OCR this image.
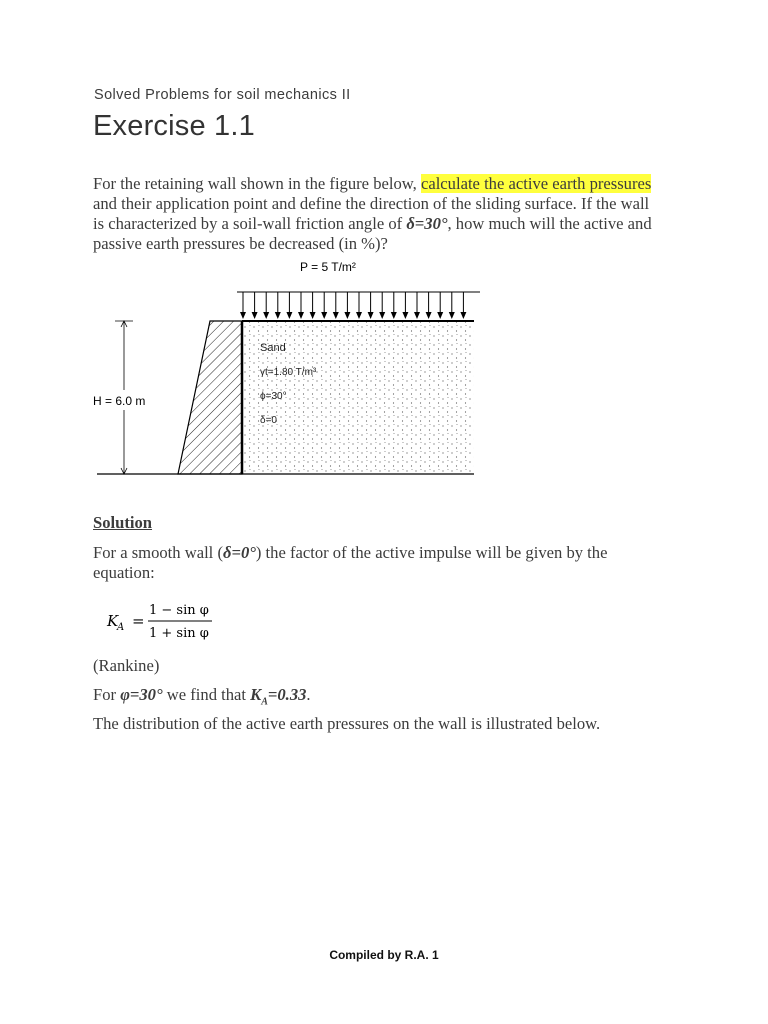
Solved Problems for soil mechanics II
Exercise 1.1
For the retaining wall shown in the figure below, calculate the active earth pressures and their application point and define the direction of the sliding surface. If the wall is characterized by a soil-wall friction angle of δ=30°, how much will the active and passive earth pressures be decreased (in %)?
P = 5 T/m²
H = 6.0 m
Sand
γt=1.80 T/m³
ϕ=30°
δ=0
K
A =
1 − sin φ
1 + sin φ
Solution
For a smooth wall (δ=0°) the factor of the active impulse will be given by the
equation:
(Rankine)
For φ=30° we find that $K_A=0.33$.
The distribution of the active earth pressures on the wall is illustrated below.
Compiled by R.A. 1
